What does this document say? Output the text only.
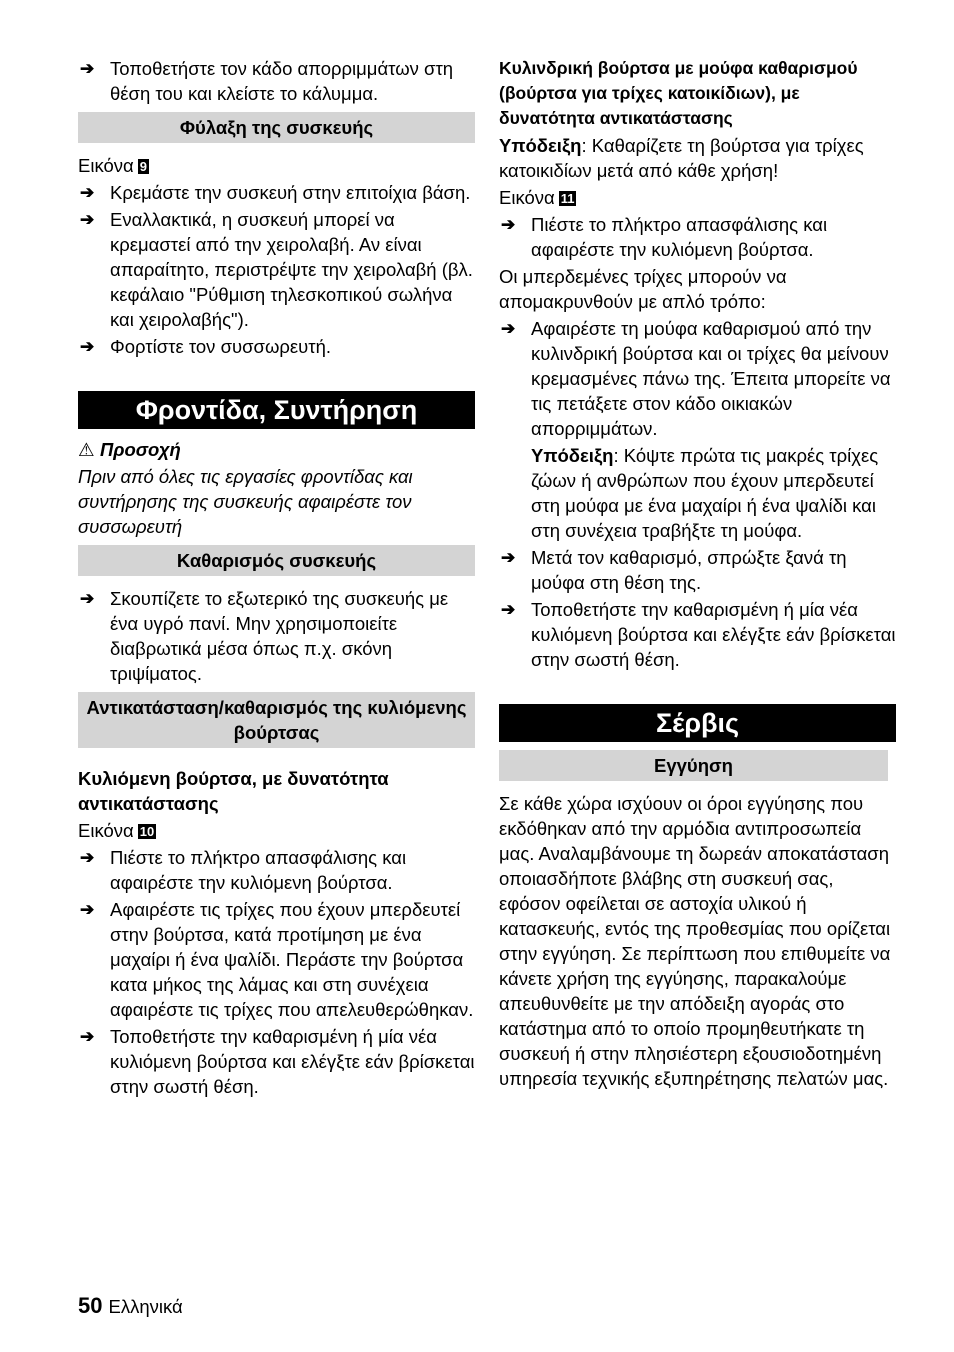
➔ Τοποθετήστε τον κάδο απορριμμάτων στη θέση του και κλείστε το κάλυμμα.
Φύλαξη της συσκευής
Εικόνα 9
➔ Κρεμάστε την συσκευή στην επιτοίχια βάση.
➔ Εναλλακτικά, η συσκευή μπορεί να κρεμαστεί από την χειρολαβή. Αν είναι απαραίτητο, περιστρέψτε την χειρολαβή (βλ. κεφάλαιο "Ρύθμιση τηλεσκοπικού σωλήνα και χειρολαβής").
➔ Φορτίστε τον συσσωρευτή.
Φροντίδα, Συντήρηση
⚠ Προσοχή
Πριν από όλες τις εργασίες φροντίδας και συντήρησης της συσκευής αφαιρέστε τον συσσωρευτή
Καθαρισμός συσκευής
➔ Σκουπίζετε το εξωτερικό της συσκευής με ένα υγρό πανί. Μην χρησιμοποιείτε διαβρωτικά μέσα όπως π.χ. σκόνη τριψίματος.
Αντικατάσταση/καθαρισμός της κυλιόμενης βούρτσας
Κυλιόμενη βούρτσα, με δυνατότητα αντικατάστασης
Εικόνα 10
➔ Πιέστε το πλήκτρο απασφάλισης και αφαιρέστε την κυλιόμενη βούρτσα.
➔ Αφαιρέστε τις τρίχες που έχουν μπερδευτεί στην βούρτσα, κατά προτίμηση με ένα μαχαίρι ή ένα ψαλίδι. Περάστε την βούρτσα κατα μήκος της λάμας και στη συνέχεια αφαιρέστε τις τρίχες που απελευθερώθηκαν.
➔ Τοποθετήστε την καθαρισμένη ή μία νέα κυλιόμενη βούρτσα και ελέγξτε εάν βρίσκεται στην σωστή θέση.
Κυλινδρική βούρτσα με μούφα καθαρισμού (βούρτσα για τρίχες κατοικίδιων), με δυνατότητα αντικατάστασης
Υπόδειξη: Καθαρίζετε τη βούρτσα για τρίχες κατοικιδίων μετά από κάθε χρήση!
Εικόνα 11
➔ Πιέστε το πλήκτρο απασφάλισης και αφαιρέστε την κυλιόμενη βούρτσα.
Οι μπερδεμένες τρίχες μπορούν να απομακρυνθούν με απλό τρόπο:
➔ Αφαιρέστε τη μούφα καθαρισμού από την κυλινδρική βούρτσα και οι τρίχες θα μείνουν κρεμασμένες πάνω της. Έπειτα μπορείτε να τις πετάξετε στον κάδο οικιακών απορριμμάτων.
Υπόδειξη: Κόψτε πρώτα τις μακρές τρίχες ζώων ή ανθρώπων που έχουν μπερδευτεί στη μούφα με ένα μαχαίρι ή ένα ψαλίδι και στη συνέχεια τραβήξτε τη μούφα.
➔ Μετά τον καθαρισμό, σπρώξτε ξανά τη μούφα στη θέση της.
➔ Τοποθετήστε την καθαρισμένη ή μία νέα κυλιόμενη βούρτσα και ελέγξτε εάν βρίσκεται στην σωστή θέση.
Σέρβις
Εγγύηση
Σε κάθε χώρα ισχύουν οι όροι εγγύησης που εκδόθηκαν από την αρμόδια αντιπροσωπεία μας. Αναλαμβάνουμε τη δωρεάν αποκατάσταση οποιασδήποτε βλάβης στη συσκευή σας, εφόσον οφείλεται σε αστοχία υλικού ή κατασκευής, εντός της προθεσμίας που ορίζεται στην εγγύηση. Σε περίπτωση που επιθυμείτε να κάνετε χρήση της εγγύησης, παρακαλούμε απευθυνθείτε με την απόδειξη αγοράς στο κατάστημα από το οποίο προμηθευτήκατε τη συσκευή ή στην πλησιέστερη εξουσιοδοτημένη υπηρεσία τεχνικής εξυπηρέτησης πελατών μας.
50 Ελληνικά
